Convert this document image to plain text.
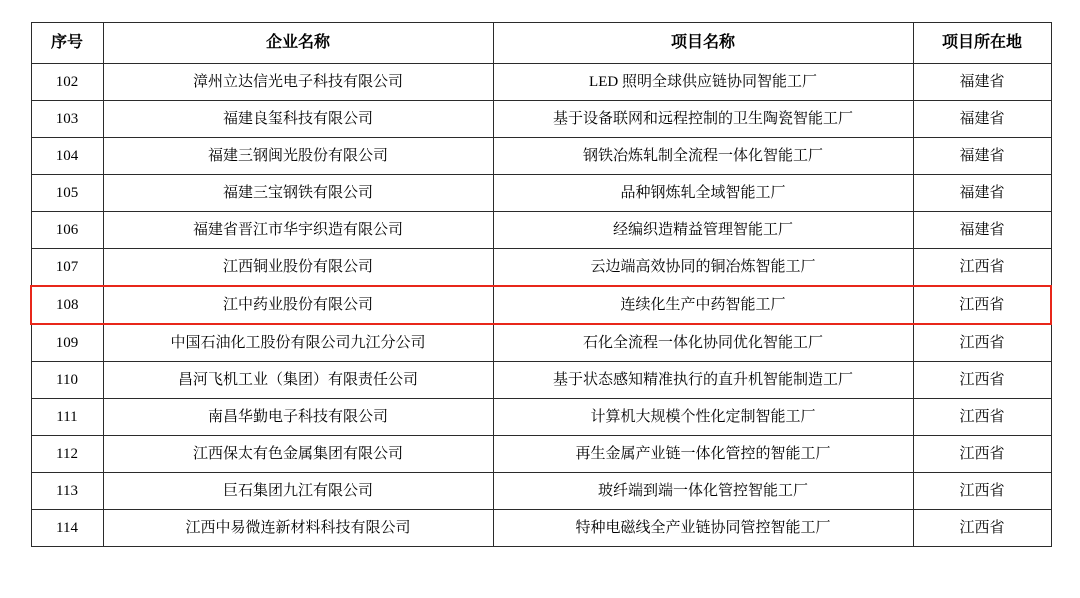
序号	企业名称	项目名称	项目所在地
102	漳州立达信光电子科技有限公司	LED 照明全球供应链协同智能工厂	福建省
103	福建良玺科技有限公司	基于设备联网和远程控制的卫生陶瓷智能工厂	福建省
104	福建三钢闽光股份有限公司	钢铁冶炼轧制全流程一体化智能工厂	福建省
105	福建三宝钢铁有限公司	品种钢炼轧全域智能工厂	福建省
106	福建省晋江市华宇织造有限公司	经编织造精益管理智能工厂	福建省
107	江西铜业股份有限公司	云边端高效协同的铜冶炼智能工厂	江西省
108	江中药业股份有限公司	连续化生产中药智能工厂	江西省
109	中国石油化工股份有限公司九江分公司	石化全流程一体化协同优化智能工厂	江西省
110	昌河飞机工业（集团）有限责任公司	基于状态感知精准执行的直升机智能制造工厂	江西省
111	南昌华勤电子科技有限公司	计算机大规模个性化定制智能工厂	江西省
112	江西保太有色金属集团有限公司	再生金属产业链一体化管控的智能工厂	江西省
113	巨石集团九江有限公司	玻纤端到端一体化管控智能工厂	江西省
114	江西中易微连新材料科技有限公司	特种电磁线全产业链协同管控智能工厂	江西省
